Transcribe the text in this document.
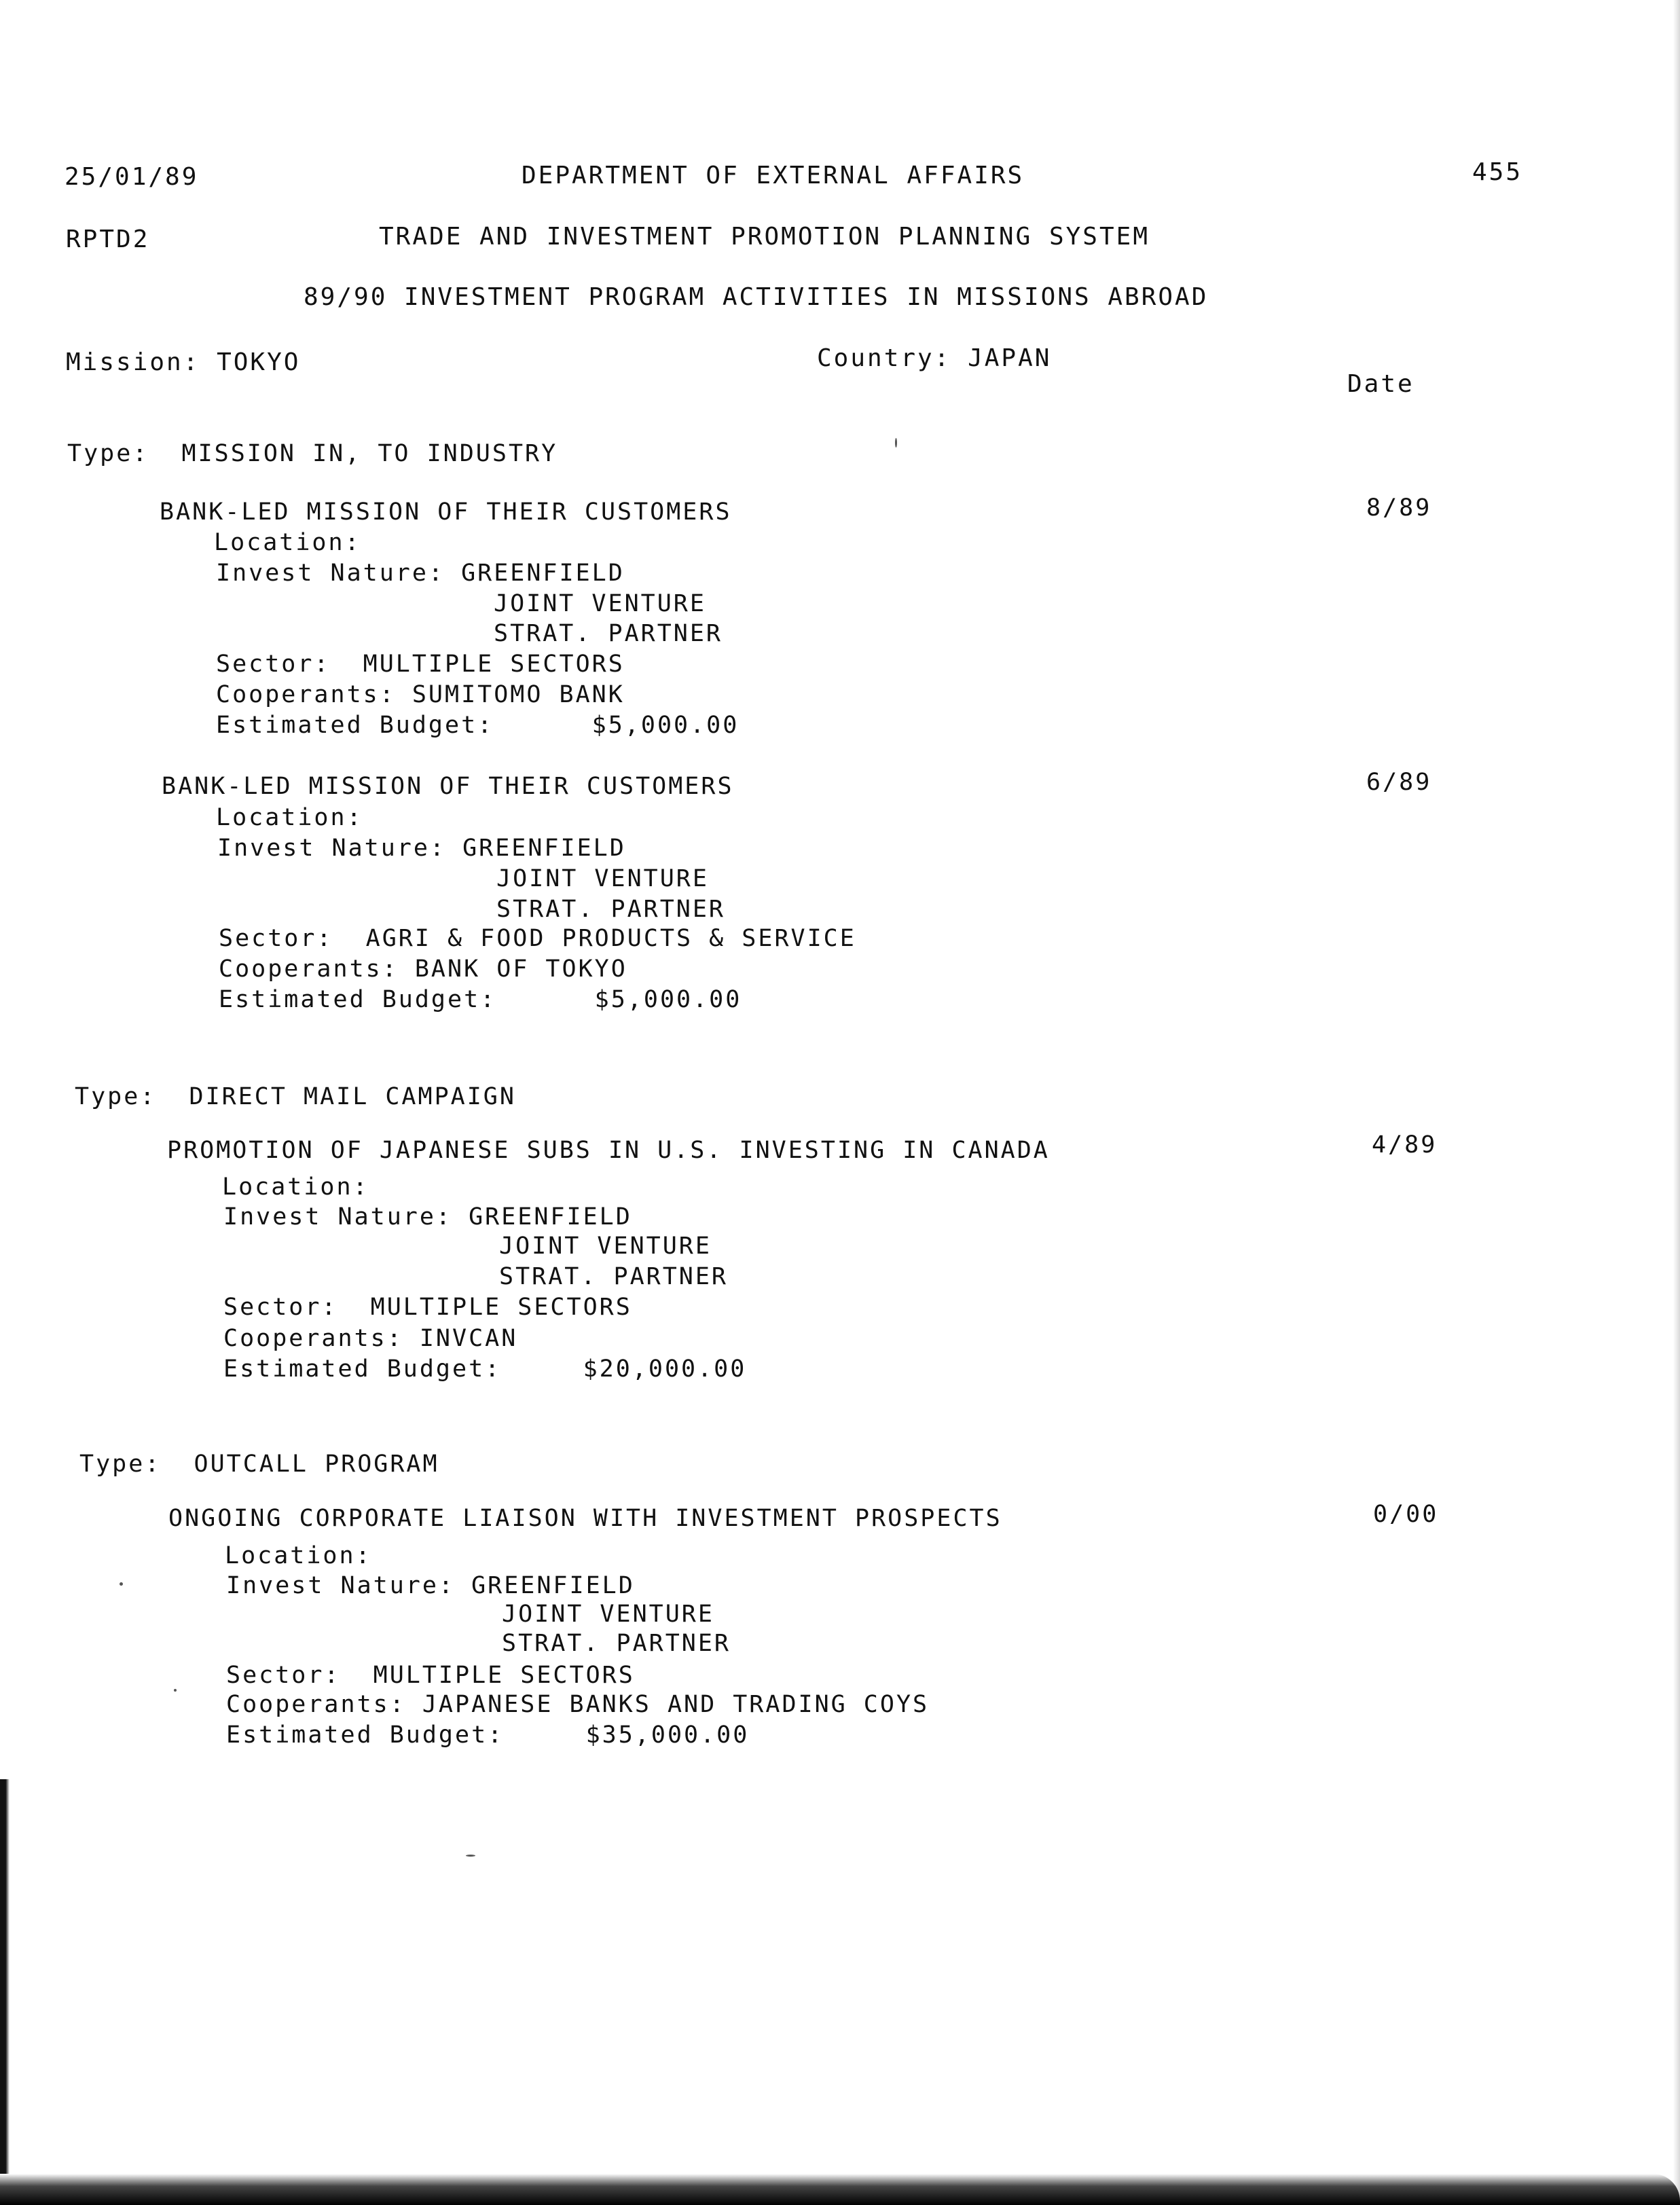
25/01/89	DEPARTMENT OF EXTERNAL AFFAIRS	455
RPTD2	TRADE AND INVESTMENT PROMOTION PLANNING SYSTEM
89/90 INVESTMENT PROGRAM ACTIVITIES IN MISSIONS ABROAD
Mission: TOKYO	Country: JAPAN
Date
Type:  MISSION IN, TO INDUSTRY
BANK-LED MISSION OF THEIR CUSTOMERS	8/89
Location:
Invest Nature: GREENFIELD
JOINT VENTURE
STRAT. PARTNER
Sector:  MULTIPLE SECTORS
Cooperants: SUMITOMO BANK
Estimated Budget:      $5,000.00
BANK-LED MISSION OF THEIR CUSTOMERS	6/89
Location:
Invest Nature: GREENFIELD
JOINT VENTURE
STRAT. PARTNER
Sector:  AGRI & FOOD PRODUCTS & SERVICE
Cooperants: BANK OF TOKYO
Estimated Budget:      $5,000.00
Type:  DIRECT MAIL CAMPAIGN
PROMOTION OF JAPANESE SUBS IN U.S. INVESTING IN CANADA	4/89
Location:
Invest Nature: GREENFIELD
JOINT VENTURE
STRAT. PARTNER
Sector:  MULTIPLE SECTORS
Cooperants: INVCAN
Estimated Budget:     $20,000.00
Type:  OUTCALL PROGRAM
ONGOING CORPORATE LIAISON WITH INVESTMENT PROSPECTS	0/00
Location:
Invest Nature: GREENFIELD
JOINT VENTURE
STRAT. PARTNER
Sector:  MULTIPLE SECTORS
Cooperants: JAPANESE BANKS AND TRADING COYS
Estimated Budget:     $35,000.00
